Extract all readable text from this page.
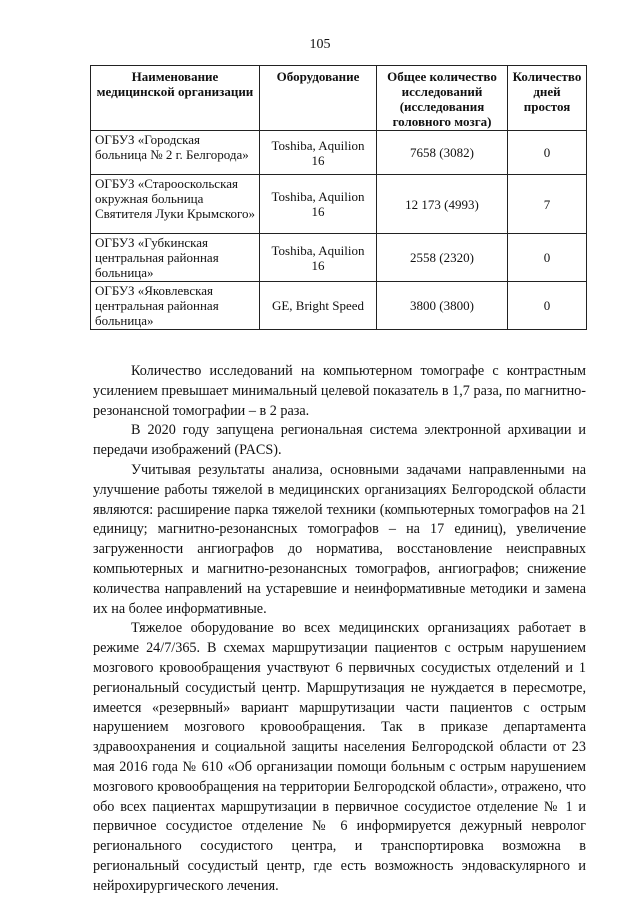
105
Наименование медицинской организации	Оборудование	Общее количество исследований (исследования головного мозга)	Количество дней простоя
ОГБУЗ «Городская больница № 2 г. Белгорода»	Toshiba, Aquilion 16	7658 (3082)	0
ОГБУЗ «Старооскольская окружная больница Святителя Луки Крымского»	Toshiba, Aquilion 16	12 173 (4993)	7
ОГБУЗ «Губкинская центральная районная больница»	Toshiba, Aquilion 16	2558 (2320)	0
ОГБУЗ «Яковлевская центральная районная больница»	GE, Bright Speed	3800 (3800)	0

Количество исследований на компьютерном томографе с контрастным усилением превышает минимальный целевой показатель в 1,7 раза, по магнитно-резонансной томографии – в 2 раза.

В 2020 году запущена региональная система электронной архивации и передачи изображений (PACS).

Учитывая результаты анализа, основными задачами направленными на улучшение работы тяжелой в медицинских организациях Белгородской области являются: расширение парка тяжелой техники (компьютерных томографов на 21 единицу; магнитно-резонансных томографов – на 17 единиц), увеличение загруженности ангиографов до норматива, восстановление неисправных компьютерных и магнитно-резонансных томографов, ангиографов; снижение количества направлений на устаревшие и неинформативные методики и замена их на более информативные.

Тяжелое оборудование во всех медицинских организациях работает в режиме 24/7/365. В схемах маршрутизации пациентов с острым нарушением мозгового кровообращения участвуют 6 первичных сосудистых отделений и 1 региональный сосудистый центр. Маршрутизация не нуждается в пересмотре, имеется «резервный» вариант маршрутизации части пациентов с острым нарушением мозгового кровообращения. Так в приказе департамента здравоохранения и социальной защиты населения Белгородской области от 23 мая 2016 года № 610 «Об организации помощи больным с острым нарушением мозгового кровообращения на территории Белгородской области», отражено, что обо всех пациентах маршрутизации в первичное сосудистое отделение № 1 и первичное сосудистое отделение № 6 информируется дежурный невролог регионального сосудистого центра, и транспортировка возможна в региональный сосудистый центр, где есть возможность эндоваскулярного и нейрохирургического лечения.
